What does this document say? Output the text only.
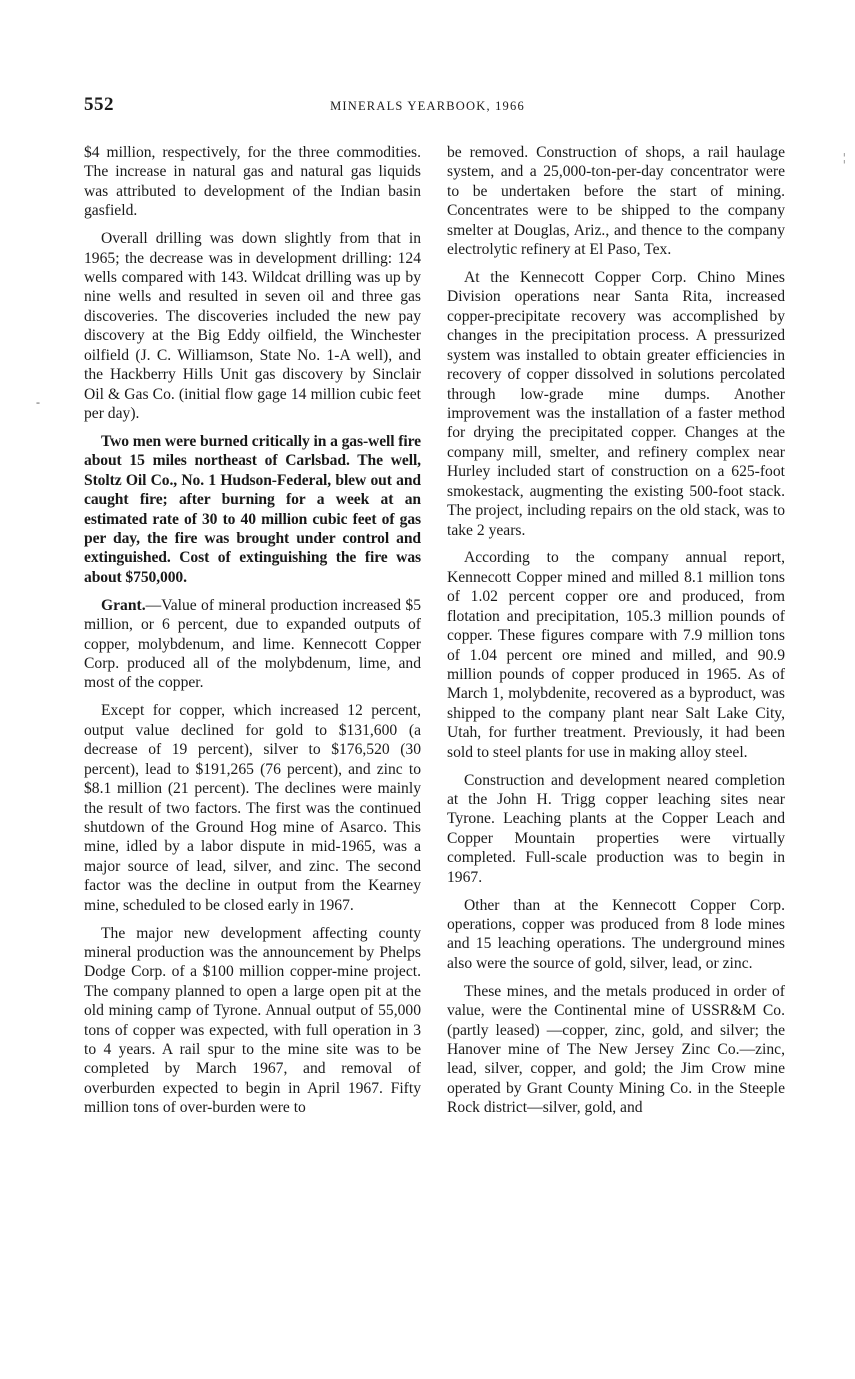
552	MINERALS YEARBOOK, 1966
-
¦

$4 million, respectively, for the three commodities. The increase in natural gas and natural gas liquids was attributed to development of the Indian basin gasfield.

Overall drilling was down slightly from that in 1965; the decrease was in development drilling: 124 wells compared with 143. Wildcat drilling was up by nine wells and resulted in seven oil and three gas discoveries. The discoveries included the new pay discovery at the Big Eddy oilfield, the Winchester oilfield (J. C. Williamson, State No. 1-A well), and the Hackberry Hills Unit gas discovery by Sinclair Oil & Gas Co. (initial flow gage 14 million cubic feet per day).

Two men were burned critically in a gas-well fire about 15 miles northeast of Carlsbad. The well, Stoltz Oil Co., No. 1 Hudson-Federal, blew out and caught fire; after burning for a week at an estimated rate of 30 to 40 million cubic feet of gas per day, the fire was brought under control and extinguished. Cost of extinguishing the fire was about $750,000.

Grant.—Value of mineral production increased $5 million, or 6 percent, due to expanded outputs of copper, molybdenum, and lime. Kennecott Copper Corp. produced all of the molybdenum, lime, and most of the copper.

Except for copper, which increased 12 percent, output value declined for gold to $131,600 (a decrease of 19 percent), silver to $176,520 (30 percent), lead to $191,265 (76 percent), and zinc to $8.1 million (21 percent). The declines were mainly the result of two factors. The first was the continued shutdown of the Ground Hog mine of Asarco. This mine, idled by a labor dispute in mid-1965, was a major source of lead, silver, and zinc. The second factor was the decline in output from the Kearney mine, scheduled to be closed early in 1967.

The major new development affecting county mineral production was the announcement by Phelps Dodge Corp. of a $100 million copper-mine project. The company planned to open a large open pit at the old mining camp of Tyrone. Annual output of 55,000 tons of copper was expected, with full operation in 3 to 4 years. A rail spur to the mine site was to be completed by March 1967, and removal of overburden expected to begin in April 1967. Fifty million tons of over-burden were to

be removed. Construction of shops, a rail haulage system, and a 25,000-ton-per-day concentrator were to be undertaken before the start of mining. Concentrates were to be shipped to the company smelter at Douglas, Ariz., and thence to the company electrolytic refinery at El Paso, Tex.

At the Kennecott Copper Corp. Chino Mines Division operations near Santa Rita, increased copper-precipitate recovery was accomplished by changes in the precipitation process. A pressurized system was installed to obtain greater efficiencies in recovery of copper dissolved in solutions percolated through low-grade mine dumps. Another improvement was the installation of a faster method for drying the precipitated copper. Changes at the company mill, smelter, and refinery complex near Hurley included start of construction on a 625-foot smokestack, augmenting the existing 500-foot stack. The project, including repairs on the old stack, was to take 2 years.

According to the company annual report, Kennecott Copper mined and milled 8.1 million tons of 1.02 percent copper ore and produced, from flotation and precipitation, 105.3 million pounds of copper. These figures compare with 7.9 million tons of 1.04 percent ore mined and milled, and 90.9 million pounds of copper produced in 1965. As of March 1, molybdenite, recovered as a byproduct, was shipped to the company plant near Salt Lake City, Utah, for further treatment. Previously, it had been sold to steel plants for use in making alloy steel.

Construction and development neared completion at the John H. Trigg copper leaching sites near Tyrone. Leaching plants at the Copper Leach and Copper Mountain properties were virtually completed. Full-scale production was to begin in 1967.

Other than at the Kennecott Copper Corp. operations, copper was produced from 8 lode mines and 15 leaching operations. The underground mines also were the source of gold, silver, lead, or zinc.

These mines, and the metals produced in order of value, were the Continental mine of USSR&M Co. (partly leased) —copper, zinc, gold, and silver; the Hanover mine of The New Jersey Zinc Co.—zinc, lead, silver, copper, and gold; the Jim Crow mine operated by Grant County Mining Co. in the Steeple Rock district—silver, gold, and
